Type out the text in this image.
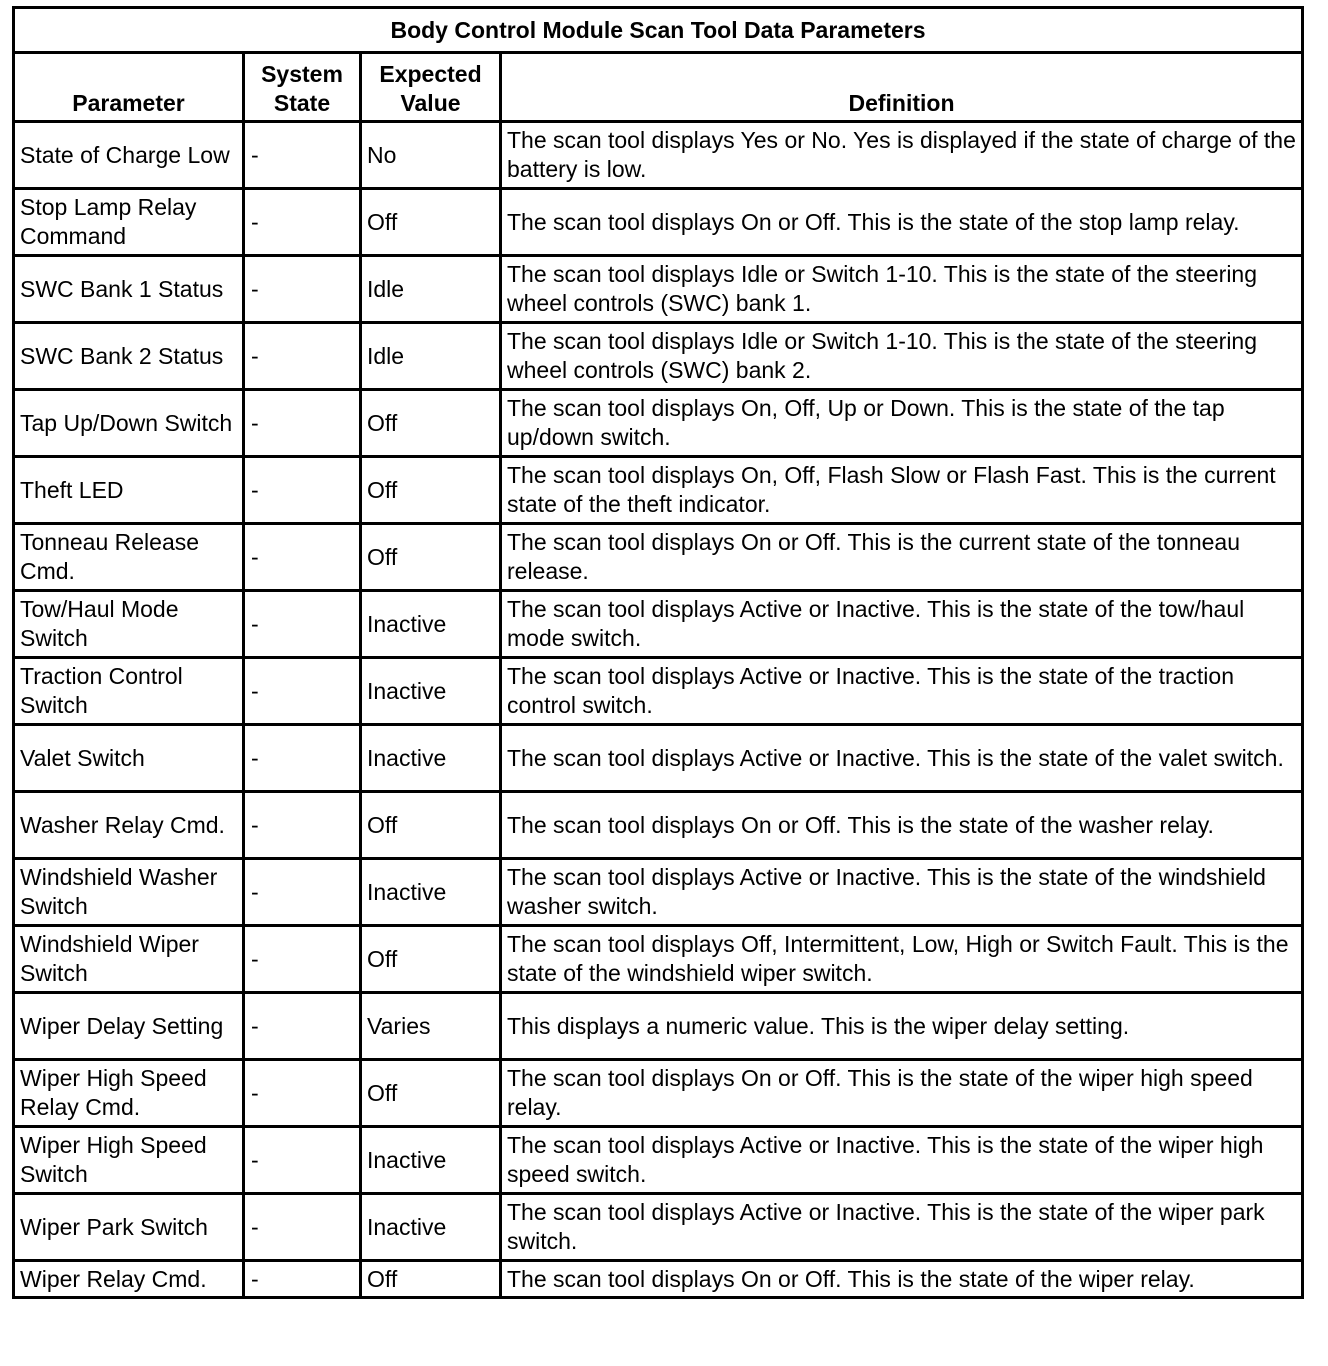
Body Control Module Scan Tool Data Parameters			
Parameter	System State	Expected Value	Definition
State of Charge Low	-	No	The scan tool displays Yes or No. Yes is displayed if the state of charge of the battery is low.
Stop Lamp Relay Command	-	Off	The scan tool displays On or Off. This is the state of the stop lamp relay.
SWC Bank 1 Status	-	Idle	The scan tool displays Idle or Switch 1-10. This is the state of the steering wheel controls (SWC) bank 1.
SWC Bank 2 Status	-	Idle	The scan tool displays Idle or Switch 1-10. This is the state of the steering wheel controls (SWC) bank 2.
Tap Up/Down Switch	-	Off	The scan tool displays On, Off, Up or Down. This is the state of the tap up/down switch.
Theft LED	-	Off	The scan tool displays On, Off, Flash Slow or Flash Fast. This is the current state of the theft indicator.
Tonneau Release Cmd.	-	Off	The scan tool displays On or Off. This is the current state of the tonneau release.
Tow/Haul Mode Switch	-	Inactive	The scan tool displays Active or Inactive. This is the state of the tow/haul mode switch.
Traction Control Switch	-	Inactive	The scan tool displays Active or Inactive. This is the state of the traction control switch.
Valet Switch	-	Inactive	The scan tool displays Active or Inactive. This is the state of the valet switch.
Washer Relay Cmd.	-	Off	The scan tool displays On or Off. This is the state of the washer relay.
Windshield Washer Switch	-	Inactive	The scan tool displays Active or Inactive. This is the state of the windshield washer switch.
Windshield Wiper Switch	-	Off	The scan tool displays Off, Intermittent, Low, High or Switch Fault. This is the state of the windshield wiper switch.
Wiper Delay Setting	-	Varies	This displays a numeric value. This is the wiper delay setting.
Wiper High Speed Relay Cmd.	-	Off	The scan tool displays On or Off. This is the state of the wiper high speed relay.
Wiper High Speed Switch	-	Inactive	The scan tool displays Active or Inactive. This is the state of the wiper high speed switch.
Wiper Park Switch	-	Inactive	The scan tool displays Active or Inactive. This is the state of the wiper park switch.
Wiper Relay Cmd.	-	Off	The scan tool displays On or Off. This is the state of the wiper relay.
